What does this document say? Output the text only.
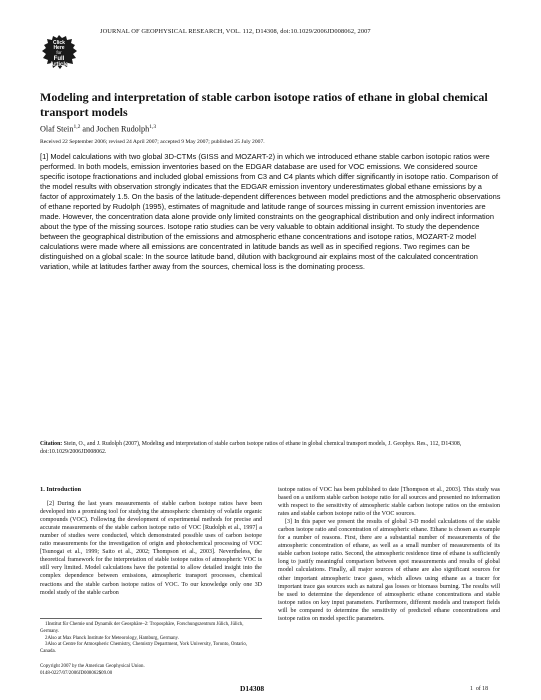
Click
Here
for
Full
Article
JOURNAL OF GEOPHYSICAL RESEARCH, VOL. 112, D14308, doi:10.1029/2006JD008062, 2007
Modeling and interpretation of stable carbon isotope ratios of ethane in global chemical transport models
Olaf Stein$^{1,2}$ and Jochen Rudolph$^{1,3}$
Received 22 September 2006; revised 24 April 2007; accepted 9 May 2007; published 25 July 2007.

[1] Model calculations with two global 3D-CTMs (GISS and MOZART-2) in which we introduced ethane stable carbon isotopic ratios were performed. In both models, emission inventories based on the EDGAR database are used for VOC emissions. We considered source specific isotope fractionations and included global emissions from C3 and C4 plants which differ significantly in isotope ratio. Comparison of the model results with observation strongly indicates that the EDGAR emission inventory underestimates global ethane emissions by a factor of approximately 1.5. On the basis of the latitude-dependent differences between model predictions and the atmospheric observations of ethane reported by Rudolph (1995), estimates of magnitude and latitude range of sources missing in current emission inventories are made. However, the concentration data alone provide only limited constraints on the geographical distribution and only indirect information about the type of the missing sources. Isotope ratio studies can be very valuable to obtain additional insight. To study the dependence between the geographical distribution of the emissions and atmospheric ethane concentrations and isotope ratios, MOZART-2 model calculations were made where all emissions are concentrated in latitude bands as well as in specified regions. Two regimes can be distinguished on a global scale: In the source latitude band, dilution with background air explains most of the calculated concentration variation, while at latitudes farther away from the sources, chemical loss is the dominating process.

Citation: Stein, O., and J. Rudolph (2007), Modeling and interpretation of stable carbon isotope ratios of ethane in global chemical transport models, J. Geophys. Res., 112, D14308, doi:10.1029/2006JD008062.
1. Introduction

[2] During the last years measurements of stable carbon isotope ratios have been developed into a promising tool for studying the atmospheric chemistry of volatile organic compounds (VOC). Following the development of experimental methods for precise and accurate measurements of the stable carbon isotope ratio of VOC [Rudolph et al., 1997] a number of studies were conducted, which demonstrated possible uses of carbon isotope ratio measurements for the investigation of origin and photochemical processing of VOC [Tsunogai et al., 1999; Saito et al., 2002; Thompson et al., 2003]. Nevertheless, the theoretical framework for the interpretation of stable isotope ratios of atmospheric VOC is still very limited. Model calculations have the potential to allow detailed insight into the complex dependence between emissions, atmospheric transport processes, chemical reactions and the stable carbon isotope ratios of VOC. To our knowledge only one 3D model study of the stable carbon

isotope ratios of VOC has been published to date [Thompson et al., 2003]. This study was based on a uniform stable carbon isotope ratio for all sources and presented no information with respect to the sensitivity of atmospheric stable carbon isotope ratios on the emission rates and stable carbon isotope ratio of the VOC sources.

[3] In this paper we present the results of global 3-D model calculations of the stable carbon isotope ratio and concentration of atmospheric ethane. Ethane is chosen as example for a number of reasons. First, there are a substantial number of measurements of the atmospheric concentration of ethane, as well as a small number of measurements of its stable carbon isotope ratio. Second, the atmospheric residence time of ethane is sufficiently long to justify meaningful comparison between spot measurements and results of global model calculations. Finally, all major sources of ethane are also significant sources for other important atmospheric trace gases, which allows using ethane as a tracer for important trace gas sources such as natural gas losses or biomass burning. The results will be used to determine the dependence of atmospheric ethane concentrations and stable isotope ratios on key input parameters. Furthermore, different models and transport fields will be compared to determine the sensitivity of predicted ethane concentrations and isotope ratios on model specific parameters.

1Institut für Chemie und Dynamik der Geosphäre–2: Troposphäre, Forschungszentrum Jülich, Jülich, Germany.
2Also at Max Planck Institute for Meteorology, Hamburg, Germany.
3Also at Centre for Atmospheric Chemistry, Chemistry Department, York University, Toronto, Ontario, Canada.
Copyright 2007 by the American Geophysical Union.
0148-0227/07/2006JD008062$09.00
D14308	1 of 18
